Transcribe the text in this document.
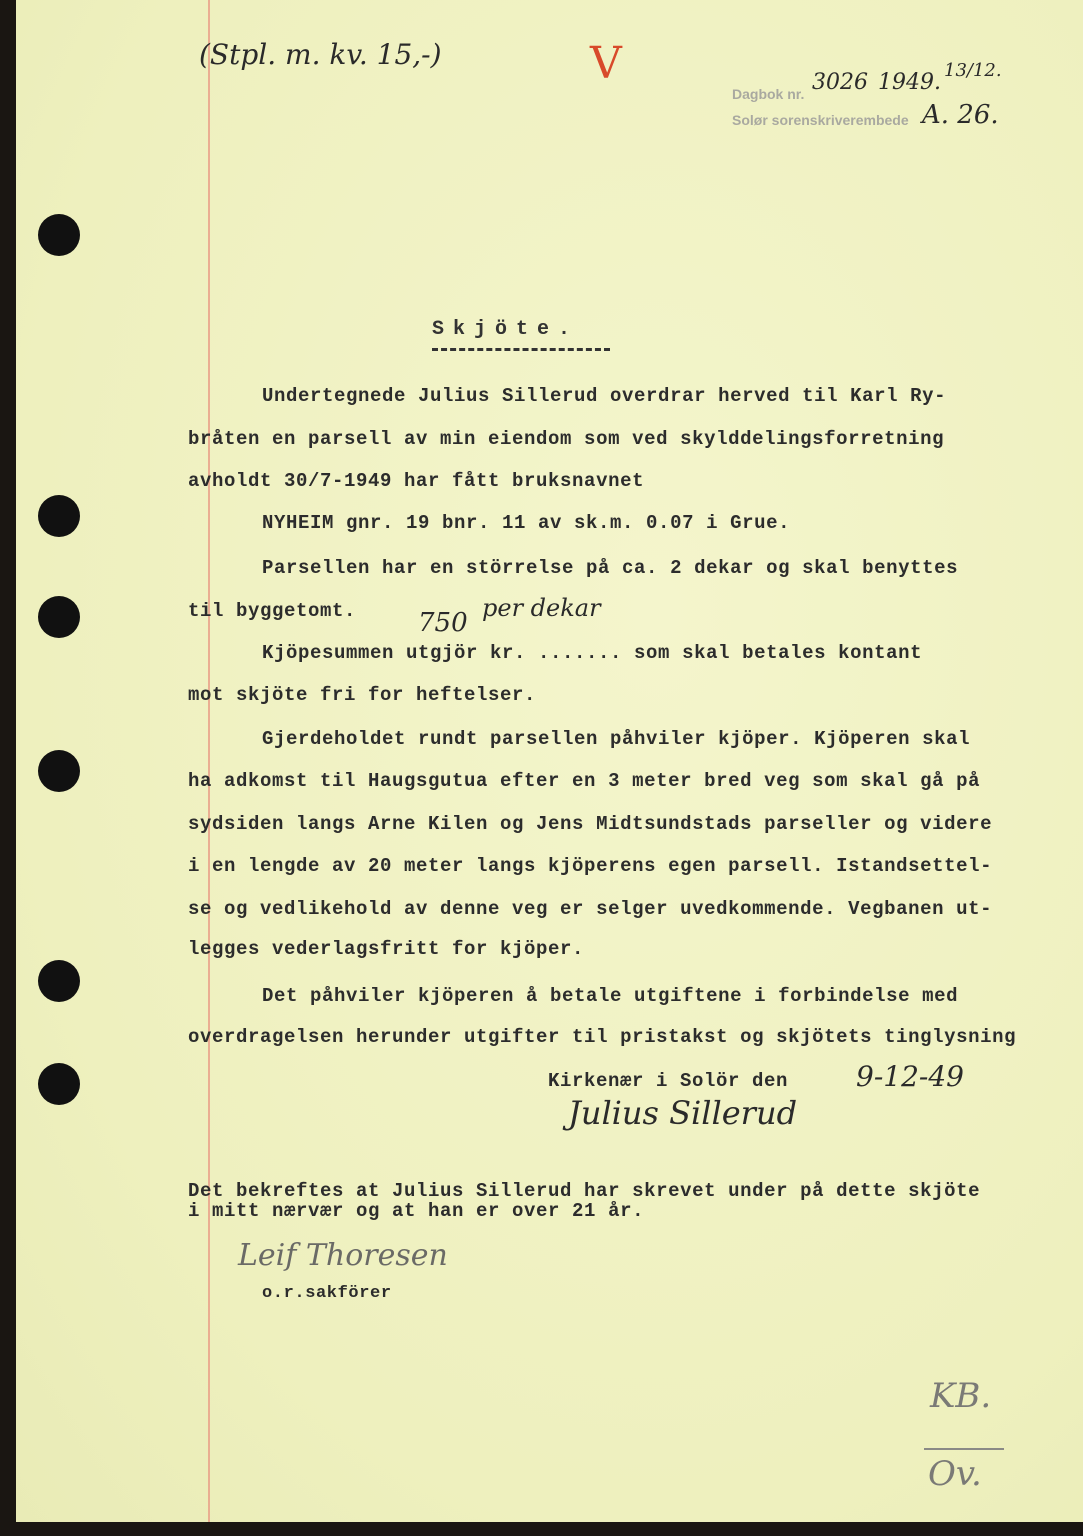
(Stpl. m. kv. 15,-)	V
Dagbok nr. 3026 1949. 13/12.
Solør sorenskriverembede A. 26.
Skjöte.
Undertegnede Julius Sillerud overdrar herved til Karl Ry-
bråten en parsell av min eiendom som ved skylddelingsforretning
avholdt 30/7-1949 har fått bruksnavnet
NYHEIM gnr. 19 bnr. 11 av sk.m. 0.07 i Grue.
Parsellen har en störrelse på ca. 2 dekar og skal benyttes
til byggetomt. 750 per dekar
Kjöpesummen utgjör kr. ....... som skal betales kontant
mot skjöte fri for heftelser.
Gjerdeholdet rundt parsellen påhviler kjöper. Kjöperen skal
ha adkomst til Haugsgutua efter en 3 meter bred veg som skal gå på
sydsiden langs Arne Kilen og Jens Midtsundstads parseller og videre
i en lengde av 20 meter langs kjöperens egen parsell. Istandsettel-
se og vedlikehold av denne veg er selger uvedkommende. Vegbanen ut-
legges vederlagsfritt for kjöper.
Det påhviler kjöperen å betale utgiftene i forbindelse med
overdragelsen herunder utgifter til pristakst og skjötets tinglysning
Kirkenær i Solör den 9-12-49
Julius Sillerud
Det bekreftes at Julius Sillerud har skrevet under på dette skjöte
i mitt nærvær og at han er over 21 år.
Leif Thoresen
o.r.sakförer
KB.
Ov.
